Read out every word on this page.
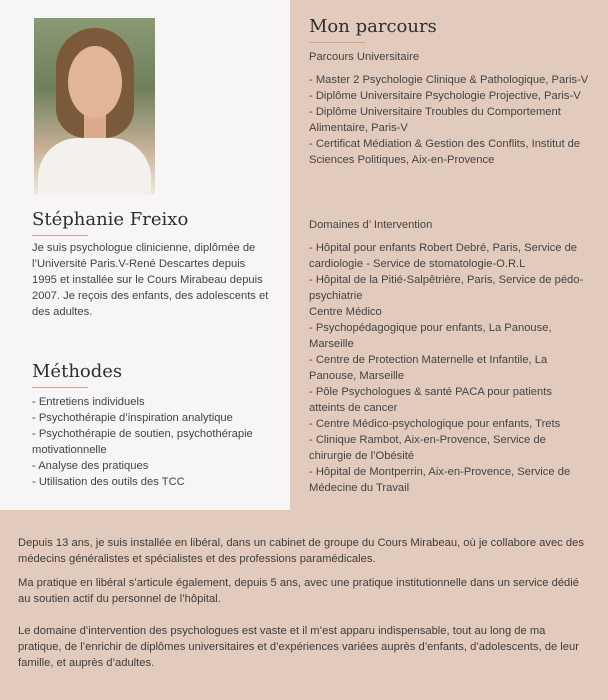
Stéphanie Freixo

Je suis psychologue clinicienne, diplômée de l’Université Paris.V-René Descartes depuis 1995 et installée sur le Cours Mirabeau depuis 2007. Je reçois des enfants, des adolescents et des adultes.

Méthodes
- Entretiens individuels
- Psychothérapie d’inspiration analytique
- Psychothérapie de soutien, psychothérapie motivationnelle
- Analyse des pratiques
- Utilisation des outils des TCC
Mon parcours

Parcours Universitaire

- Master 2 Psychologie Clinique & Pathologique, Paris-V
- Diplôme Universitaire Psychologie Projective, Paris-V
- Diplôme Universitaire Troubles du Comportement Alimentaire, Paris-V
- Certificat Médiation & Gestion des Conflits, Institut de Sciences Politiques, Aix-en-Provence

Domaines d’ Intervention

- Hôpital pour enfants Robert Debré, Paris, Service de cardiologie - Service de stomatologie-O.R.L
- Hôpital de la Pitié-Salpêtrière, Paris, Service de pédo-psychiatrie
Centre Médico
- Psychopédagogique pour enfants, La Panouse, Marseille
- Centre de Protection Maternelle et Infantile, La Panouse, Marseille
- Pôle Psychologues & santé PACA pour patients atteints de cancer
- Centre Médico-psychologique pour enfants, Trets
- Clinique Rambot, Aix-en-Provence, Service de chirurgie de l’Obésité
- Hôpital de Montperrin, Aix-en-Provence, Service de Médecine du Travail

Depuis 13 ans, je suis installée en libéral, dans un cabinet de groupe du Cours Mirabeau, où je collabore avec des médecins généralistes et spécialistes et des professions paramédicales.

Ma pratique en libéral s’articule également, depuis 5 ans, avec une pratique institutionnelle dans un service dédié au soutien actif du personnel de l’hôpital.

Le domaine d’intervention des psychologues est vaste et il m’est apparu indispensable, tout au long de ma pratique, de l’enrichir de diplômes universitaires et d’expériences variées auprès d’enfants, d’adolescents, de leur famille, et auprès d’adultes.
